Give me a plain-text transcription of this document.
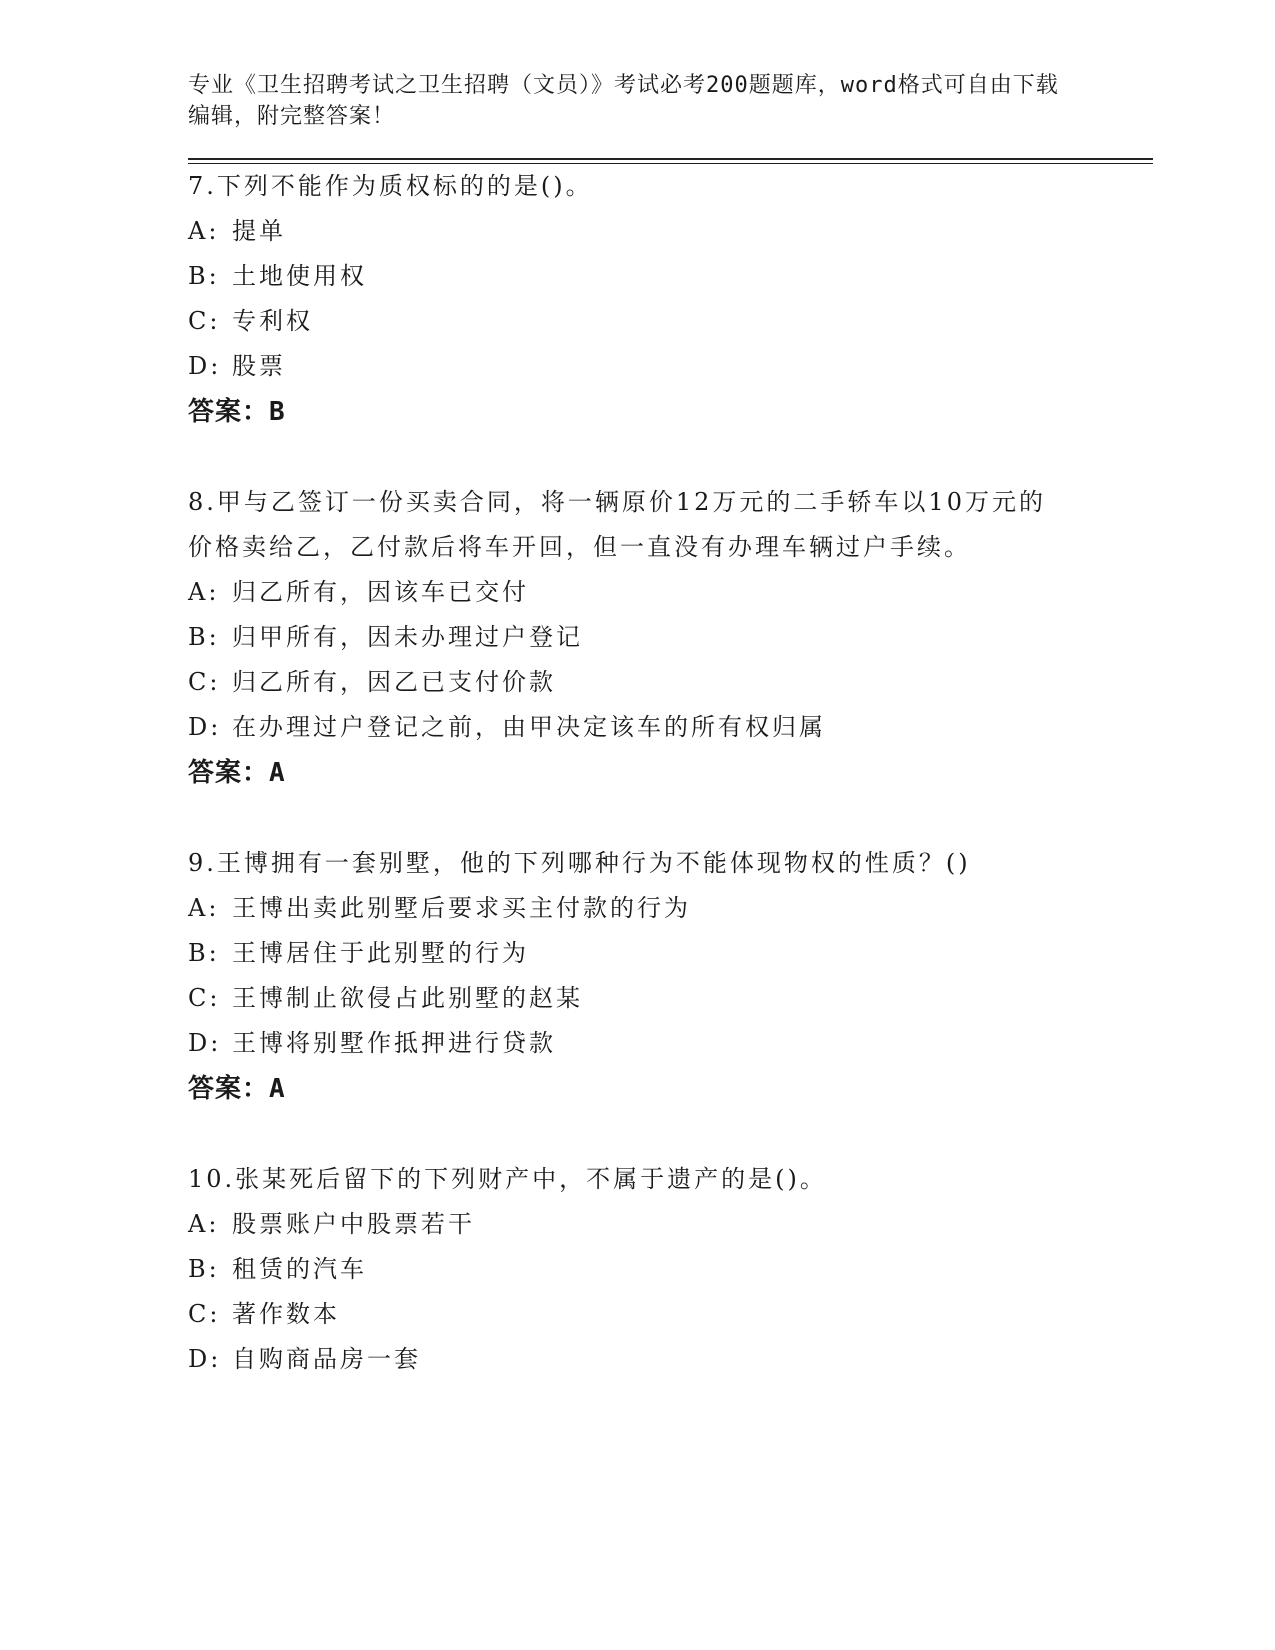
专业《卫生招聘考试之卫生招聘（文员）》考试必考200题题库，word格式可自由下载编辑，附完整答案！
7.下列不能作为质权标的的是()。
A: 提单
B: 土地使用权
C: 专利权
D: 股票
答案：B
8.甲与乙签订一份买卖合同，将一辆原价12万元的二手轿车以10万元的价格卖给乙，乙付款后将车开回，但一直没有办理车辆过户手续。
A: 归乙所有，因该车已交付
B: 归甲所有，因未办理过户登记
C: 归乙所有，因乙已支付价款
D: 在办理过户登记之前，由甲决定该车的所有权归属
答案：A
9.王博拥有一套别墅，他的下列哪种行为不能体现物权的性质？()
A: 王博出卖此别墅后要求买主付款的行为
B: 王博居住于此别墅的行为
C: 王博制止欲侵占此别墅的赵某
D: 王博将别墅作抵押进行贷款
答案：A
10.张某死后留下的下列财产中，不属于遗产的是()。
A: 股票账户中股票若干
B: 租赁的汽车
C: 著作数本
D: 自购商品房一套
